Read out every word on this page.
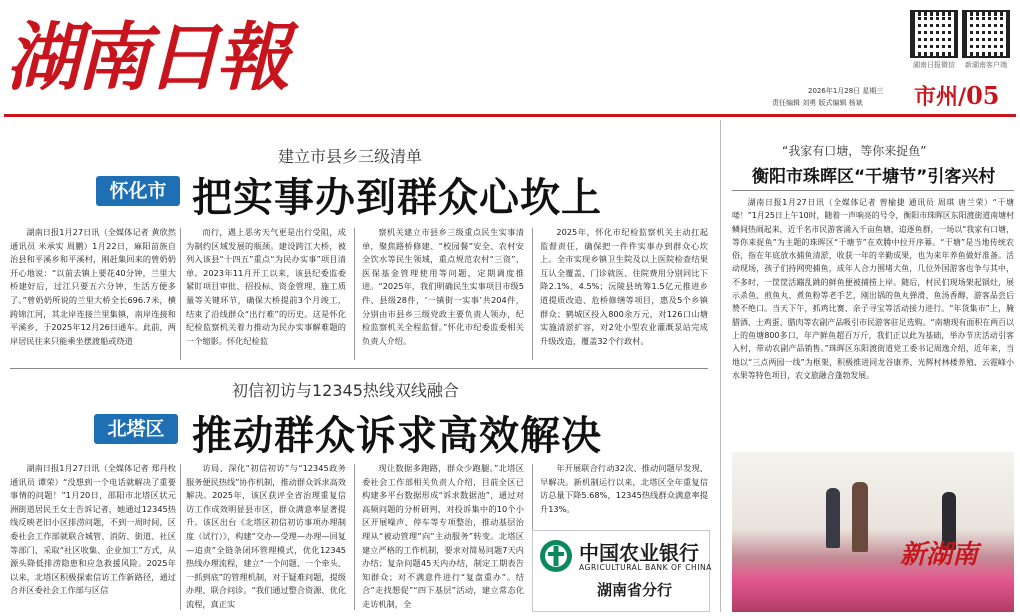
湖南日報	湖南日报微信	新湖南客户端
2026年1月28日 星期三
责任编辑 刘勇 版式编辑 杨斌 市州/05
建立市县乡三级清单
怀化市 把实事办到群众心坎上
湖南日报1月27日讯（全媒体记者 黄欣然 通讯员 米承实 周鹏）1月22日，麻阳苗族自治县和平溪乡和平溪村，刚赶集回来的曾奶奶开心地说：“以前去镇上要花40分钟，兰里大桥建好后，过江只要五六分钟，生活方便多了。”曾奶奶所说的兰里大桥全长696.7米，横跨锦江河，其北岸连接兰里集镇，南岸连接和平溪乡，于2025年12月26日通车。此前，两岸居民往来只能乘坐摆渡船或绕道
而行，遇上恶劣天气更是出行受阻，成为制约区域发展的瓶颈。建设跨江大桥，被列入该县“十四五”重点“为民办实事”项目清单。2023年11月开工以来，该县纪委监委紧盯项目审批、招投标、资金管理、施工质量等关键环节，确保大桥提前3个月竣工，结束了沿线群众“出行难”的历史。这是怀化纪检监察机关着力推动为民办实事解难题的一个缩影。怀化纪检监
察机关建立市县乡三级重点民生实事清单，聚焦路桥修建、“校园餐”安全、农村安全饮水等民生领域，重点规范农村“三资”、医保基金管理使用等问题，定期调度推进。“2025年，我们明确民生实事项目市级5件、县级28件，‘一镇街一实事’共204件，分别由市县乡三级党政主要负责人领办，纪检监察机关全程监督。”怀化市纪委监委相关负责人介绍。
2025年，怀化市纪检监察机关主动扛起监督责任，确保把一件件实事办到群众心坎上。全市实现乡镇卫生院及以上医院检查结果互认全覆盖、门诊就医、住院费用分别同比下降2.1%、4.5%；沅陵县统筹1.5亿元推进乡道提质改造、危桥修缮等项目，惠及5个乡镇群众；鹤城区投入800余万元，对126口山塘实施清淤扩容，对2处小型农业灌溉泵站完成升级改造，覆盖32个行政村。
初信初访与12345热线双线融合
北塔区 推动群众诉求高效解决
湖南日报1月27日讯（全媒体记者 郑丹枚 通讯员 谭荣）“没想到一个电话就解决了重要事情的问题！”1月20日，邵阳市北塔区状元洲街道居民王女士告诉记者，她通过12345热线反映老旧小区排涝问题，不到一周时间，区委社会工作部就联合城管、消防、街道、社区等部门，采取“社区收集、企业加工”方式，从源头降低排涝隐患和应急救援风险。2025年以来，北塔区积极探索信访工作新路径，通过合并区委社会工作部与区信
访局、深化“初信初访”与“12345政务服务便民热线”协作机制，推动群众诉求高效解决。2025年，该区获评全省治理重复信访工作成效明显县市区，群众满意率显著提升。该区出台《北塔区初信初访事项办理制度（试行）》，构建“交办—受理—办理—回复—追责”全链条闭环管理模式，优化12345热线办理流程，建立“一个问题、一个牵头、一抓到底”的管理机制，对于疑难问题，提级办理、联合问诊。“我们通过整合资源、优化流程，真正实
现让数据多跑路，群众少跑腿。”北塔区委社会工作部相关负责人介绍，目前全区已构建多平台数据形成“诉求数据池”，通过对高频问题的分析研判，对投诉集中的10个小区开展噪声、停车等专项整治，推动基层治理从“被动管理”向“主动服务”转变。北塔区建立严格的工作机制，要求对简易问题7天内办结；复杂问题45天内办结，制定工期表告知群众；对不满意件进行“复盘重办”。结合“走找想促”“四下基层”活动，建立常态化走访机制，全
年开展联合行动32次、推动问题早发现、早解决。新机制运行以来，北塔区全年重复信访总量下降5.68%，12345热线群众满意率提升13%。
中国农业银行
AGRICULTURAL BANK OF CHINA
湖南省分行
“我家有口塘，等你来捉鱼”
衡阳市珠晖区“干塘节”引客兴村
湖南日报1月27日讯（全媒体记者 曾榆捷 通讯员 周琪 唐兰荣）“干塘喽！”1月25日上午10时，随着一声响亮的号令，衡阳市珠晖区东阳渡街道南塘村鳞间热闹起来，近千名市民游客涌入千亩鱼塘，追逐鱼群，一场以“我家有口塘，等你来捉鱼”为主题的珠晖区“干塘节”在欢腾中拉开序幕。“干塘”是当地传统农俗，指在年底放水捕鱼清淤，收获一年的辛勤成果，也为来年养鱼做好准备。活动现场，孩子们持网兜捕鱼，成年人合力围堵大鱼，几位外国游客也争与其中，不多时，一筐筐活蹦乱跳的鲜鱼便被捕捞上岸。随后，村民们现场架起锅灶，展示杀鱼、煎鱼丸、煮鱼粉等老手艺，刚出锅的鱼丸弹滑、鱼汤香醇，游客品尝后赞不绝口。当天下午，抓鸡比赛、亲子寻宝等活动接力进行。“年货集市”上，腌腊酒、土鸡蛋、腊肉等农副产品吸引市民游客驻足选购。“南塘现有面积在两百以上的鱼塘800多口，年产鲜鱼超百万斤，我们正以此为基础，举办节庆活动引客入村，带动农副产品销售。”珠晖区东阳渡街道党工委书记周逸介绍，近年来，当地以“三点两园一线”为框架，积极推进同龙谷康养、光辉村林楼养殖、云霓峰小水果等特色项目，农文旅融合蓬勃发展。
新湖南
